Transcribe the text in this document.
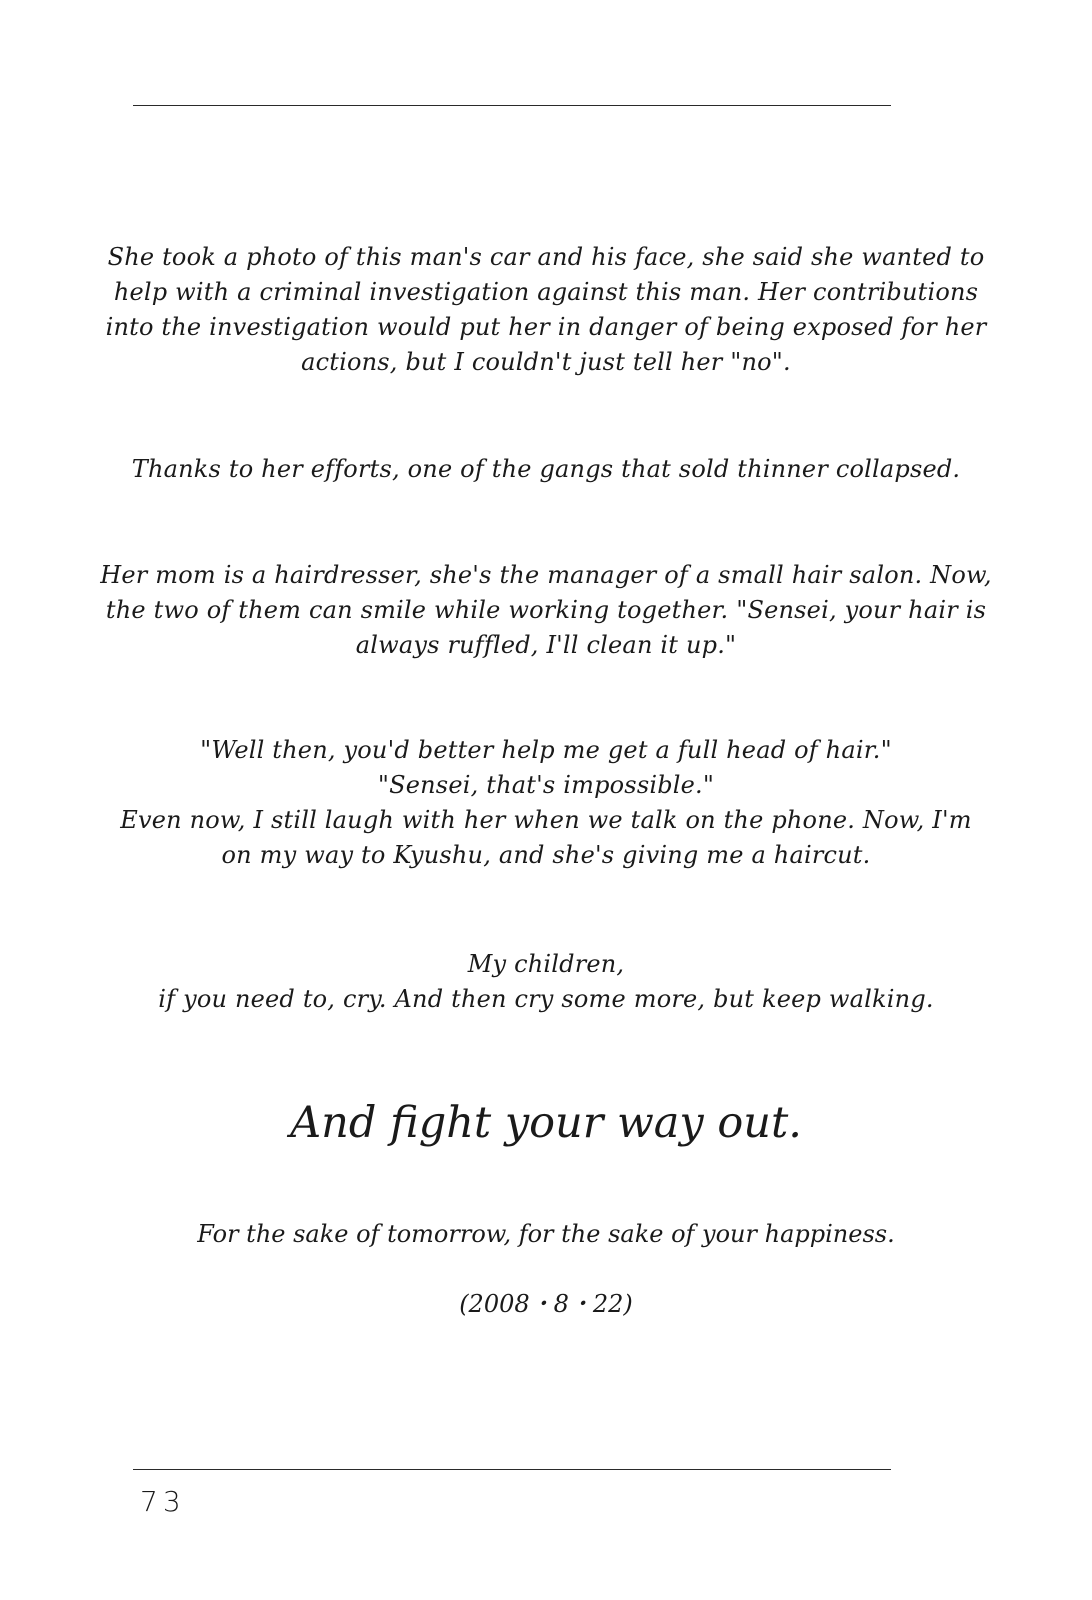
She took a photo of this man's car and his face, she said she wanted to
help with a criminal investigation against this man. Her contributions
into the investigation would put her in danger of being exposed for her
actions, but I couldn't just tell her "no".
Thanks to her efforts, one of the gangs that sold thinner collapsed.
Her mom is a hairdresser, she's the manager of a small hair salon. Now,
the two of them can smile while working together. "Sensei, your hair is
always ruffled, I'll clean it up."
"Well then, you'd better help me get a full head of hair."
"Sensei, that's impossible."
Even now, I still laugh with her when we talk on the phone. Now, I'm
on my way to Kyushu, and she's giving me a haircut.
My children,
if you need to, cry. And then cry some more, but keep walking.

And fight your way out.

For the sake of tomorrow, for the sake of your happiness.

(2008・8・22)

73
